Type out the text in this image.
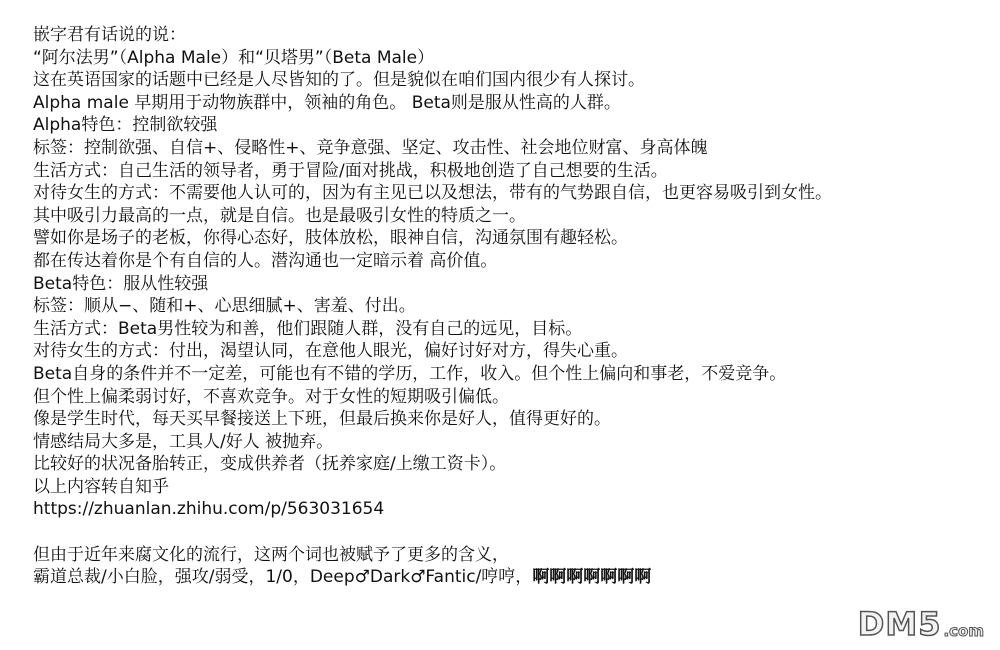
嵌字君有话说的说：
“阿尔法男”（Alpha Male）和“贝塔男”（Beta Male）
这在英语国家的话题中已经是人尽皆知的了。但是貌似在咱们国内很少有人探讨。
Alpha male 早期用于动物族群中，领袖的角色。 Beta则是服从性高的人群。
Alpha特色：控制欲较强
标签：控制欲强、自信+、侵略性+、竞争意强、坚定、攻击性、社会地位财富、身高体魄
生活方式：自己生活的领导者，勇于冒险/面对挑战，积极地创造了自己想要的生活。
对待女生的方式：不需要他人认可的，因为有主见已以及想法，带有的气势跟自信，也更容易吸引到女性。
其中吸引力最高的一点，就是自信。也是最吸引女性的特质之一。
譬如你是场子的老板，你得心态好，肢体放松，眼神自信，沟通氛围有趣轻松。
都在传达着你是个有自信的人。潜沟通也一定暗示着 高价值。
Beta特色：服从性较强
标签：顺从−、随和+、心思细腻+、害羞、付出。
生活方式：Beta男性较为和善，他们跟随人群，没有自己的远见，目标。
对待女生的方式：付出，渴望认同，在意他人眼光，偏好讨好对方，得失心重。
Beta自身的条件并不一定差，可能也有不错的学历，工作，收入。但个性上偏向和事老，不爱竞争。
但个性上偏柔弱讨好，不喜欢竞争。对于女性的短期吸引偏低。
像是学生时代，每天买早餐接送上下班，但最后换来你是好人，值得更好的。
情感结局大多是，工具人/好人 被抛弃。
比较好的状况备胎转正，变成供养者（抚养家庭/上缴工资卡）。
以上内容转自知乎
https://zhuanlan.zhihu.com/p/563031654
但由于近年来腐文化的流行，这两个词也被赋予了更多的含义，
霸道总裁/小白脸，强攻/弱受，1/0，Deep♂Dark♂Fantic/哼哼，啊啊啊啊啊啊啊
DM5 .com
